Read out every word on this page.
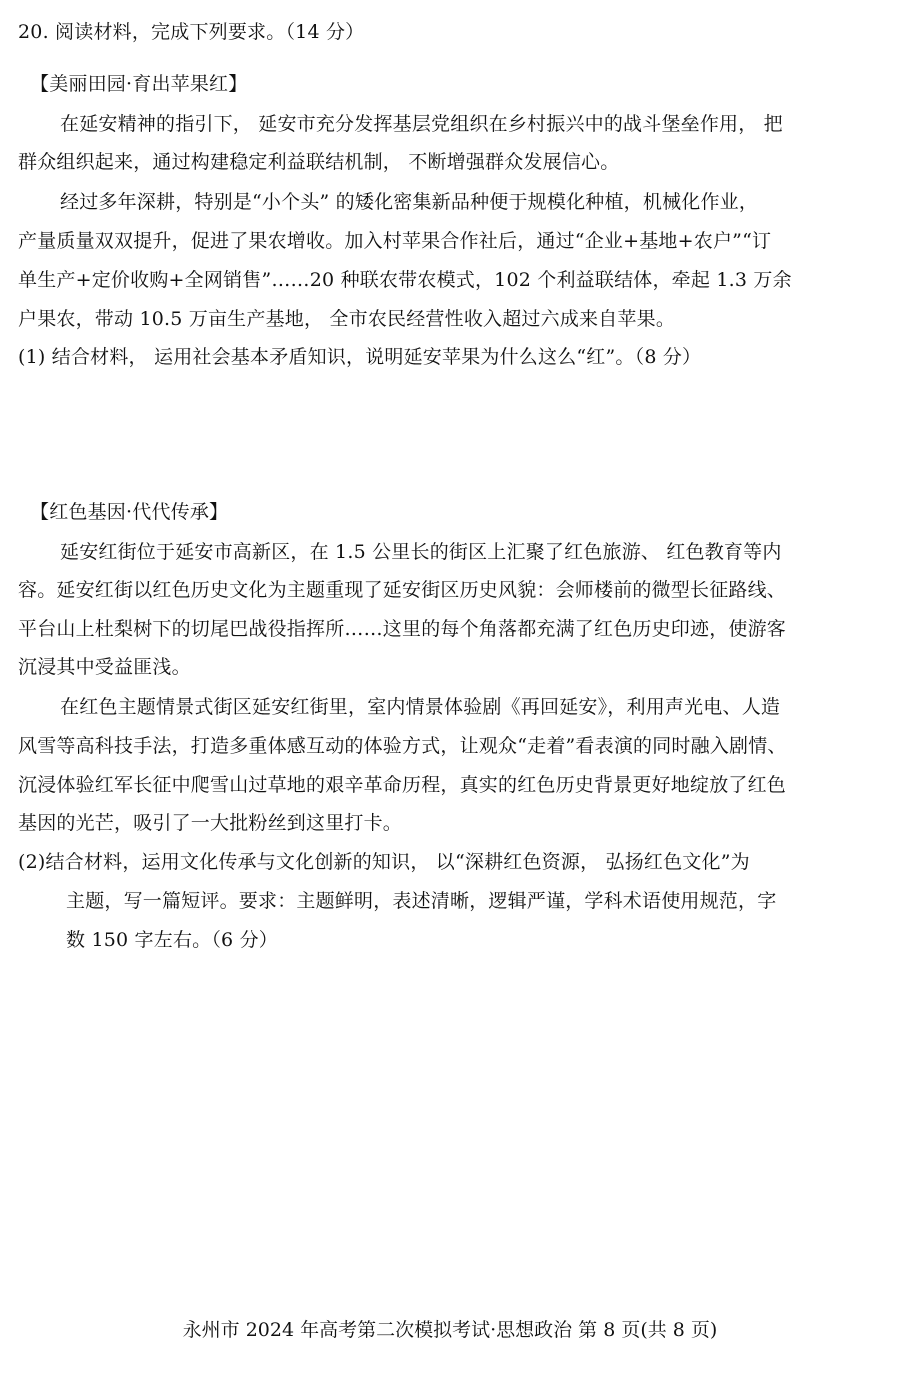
20. 阅读材料，完成下列要求。（14 分）
【美丽田园·育出苹果红】
在延安精神的指引下， 延安市充分发挥基层党组织在乡村振兴中的战斗堡垒作用， 把
群众组织起来，通过构建稳定利益联结机制， 不断增强群众发展信心。
经过多年深耕，特别是“小个头” 的矮化密集新品种便于规模化种植，机械化作业，
产量质量双双提升，促进了果农增收。加入村苹果合作社后，通过“企业+基地+农户”“订
单生产+定价收购+全网销售”……20 种联农带农模式，102 个利益联结体，牵起 1.3 万余
户果农，带动 10.5 万亩生产基地， 全市农民经营性收入超过六成来自苹果。
(1) 结合材料， 运用社会基本矛盾知识，说明延安苹果为什么这么“红”。（8 分）
【红色基因·代代传承】
延安红街位于延安市高新区，在 1.5 公里长的街区上汇聚了红色旅游、 红色教育等内
容。延安红街以红色历史文化为主题重现了延安街区历史风貌：会师楼前的微型长征路线、
平台山上杜梨树下的切尾巴战役指挥所……这里的每个角落都充满了红色历史印迹，使游客
沉浸其中受益匪浅。
在红色主题情景式街区延安红街里，室内情景体验剧《再回延安》，利用声光电、人造
风雪等高科技手法，打造多重体感互动的体验方式，让观众“走着”看表演的同时融入剧情、
沉浸体验红军长征中爬雪山过草地的艰辛革命历程，真实的红色历史背景更好地绽放了红色
基因的光芒，吸引了一大批粉丝到这里打卡。
(2)结合材料，运用文化传承与文化创新的知识， 以“深耕红色资源， 弘扬红色文化”为
主题，写一篇短评。要求：主题鲜明，表述清晰，逻辑严谨，学科术语使用规范，字
数 150 字左右。（6 分）
永州市 2024 年高考第二次模拟考试·思想政治 第 8 页(共 8 页)
